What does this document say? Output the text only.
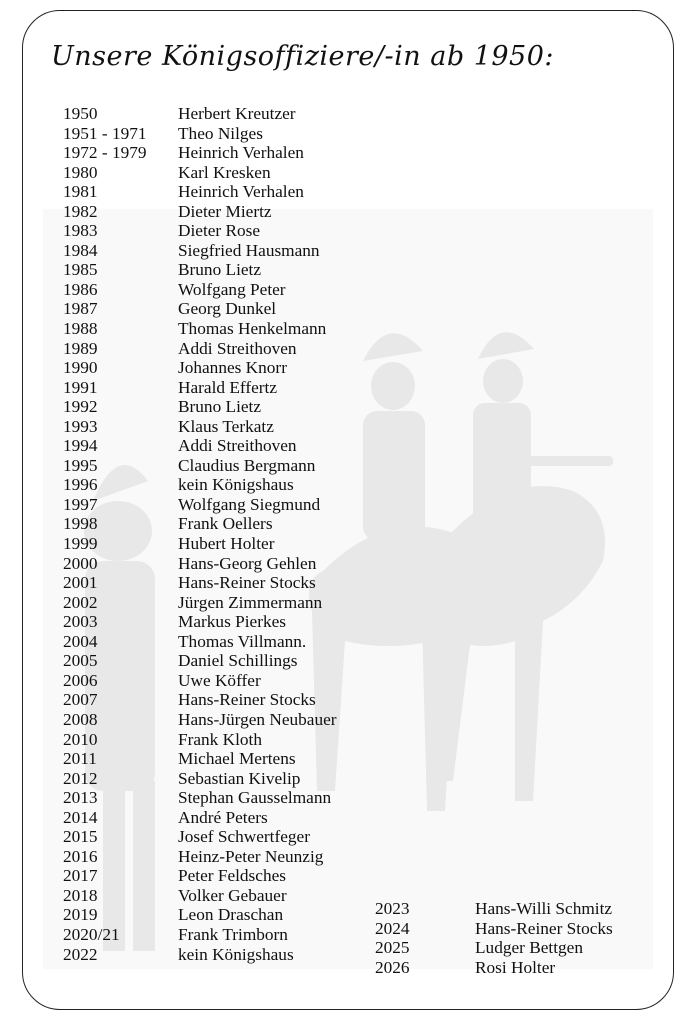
Unsere Königsoffiziere/-in ab 1950:
1950	Herbert Kreutzer
1951 - 1971 Theo Nilges
1972 - 1979 Heinrich Verhalen
1980	Karl Kresken
1981	Heinrich Verhalen
1982	Dieter Miertz
1983	Dieter Rose
1984	Siegfried Hausmann
1985	Bruno Lietz
1986	Wolfgang Peter
1987	Georg Dunkel
1988	Thomas Henkelmann
1989	Addi Streithoven
1990	Johannes Knorr
1991	Harald Effertz
1992	Bruno Lietz
1993	Klaus Terkatz
1994	Addi Streithoven
1995	Claudius Bergmann
1996	kein Königshaus
1997	Wolfgang Siegmund
1998	Frank Oellers
1999	Hubert Holter
2000	Hans-Georg Gehlen
2001	Hans-Reiner Stocks
2002	Jürgen Zimmermann
2003	Markus Pierkes
2004	Thomas Villmann.
2005	Daniel Schillings
2006	Uwe Köffer
2007	Hans-Reiner Stocks
2008	Hans-Jürgen Neubauer
2010	Frank Kloth
2011	Michael Mertens
2012	Sebastian Kivelip
2013	Stephan Gausselmann
2014	André Peters
2015	Josef Schwertfeger
2016	Heinz-Peter Neunzig
2017	Peter Feldsches
2018	Volker Gebauer
2019	Leon Draschan
2020/21	Frank Trimborn
2022	kein Königshaus
2023	Hans-Willi Schmitz
2024	Hans-Reiner Stocks
2025	Ludger Bettgen
2026	Rosi Holter
